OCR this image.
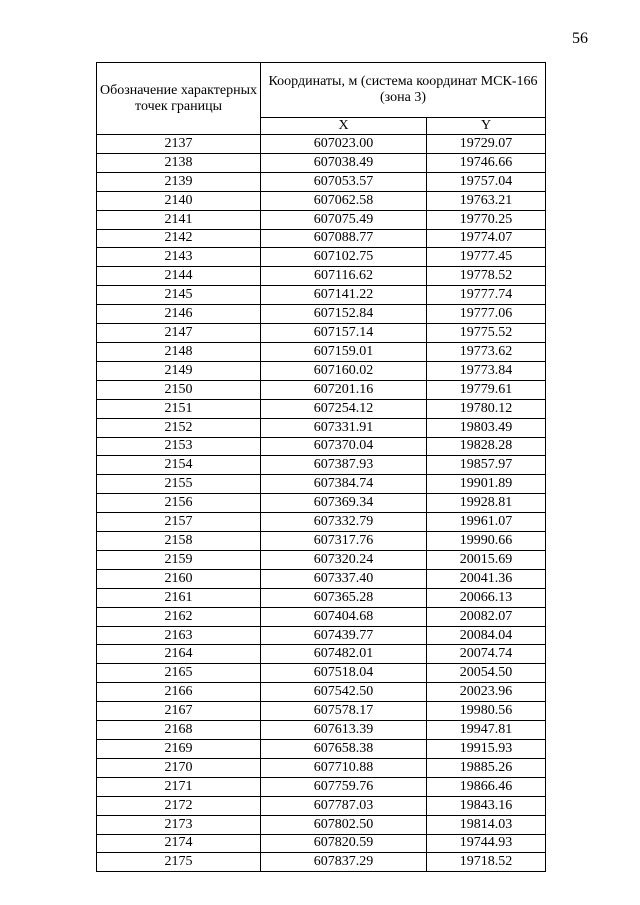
56
Обозначение характерных точек границы	Координаты, м (система координат МСК-166 (зона 3)	
	X	Y
2137	607023.00	19729.07
2138	607038.49	19746.66
2139	607053.57	19757.04
2140	607062.58	19763.21
2141	607075.49	19770.25
2142	607088.77	19774.07
2143	607102.75	19777.45
2144	607116.62	19778.52
2145	607141.22	19777.74
2146	607152.84	19777.06
2147	607157.14	19775.52
2148	607159.01	19773.62
2149	607160.02	19773.84
2150	607201.16	19779.61
2151	607254.12	19780.12
2152	607331.91	19803.49
2153	607370.04	19828.28
2154	607387.93	19857.97
2155	607384.74	19901.89
2156	607369.34	19928.81
2157	607332.79	19961.07
2158	607317.76	19990.66
2159	607320.24	20015.69
2160	607337.40	20041.36
2161	607365.28	20066.13
2162	607404.68	20082.07
2163	607439.77	20084.04
2164	607482.01	20074.74
2165	607518.04	20054.50
2166	607542.50	20023.96
2167	607578.17	19980.56
2168	607613.39	19947.81
2169	607658.38	19915.93
2170	607710.88	19885.26
2171	607759.76	19866.46
2172	607787.03	19843.16
2173	607802.50	19814.03
2174	607820.59	19744.93
2175	607837.29	19718.52
